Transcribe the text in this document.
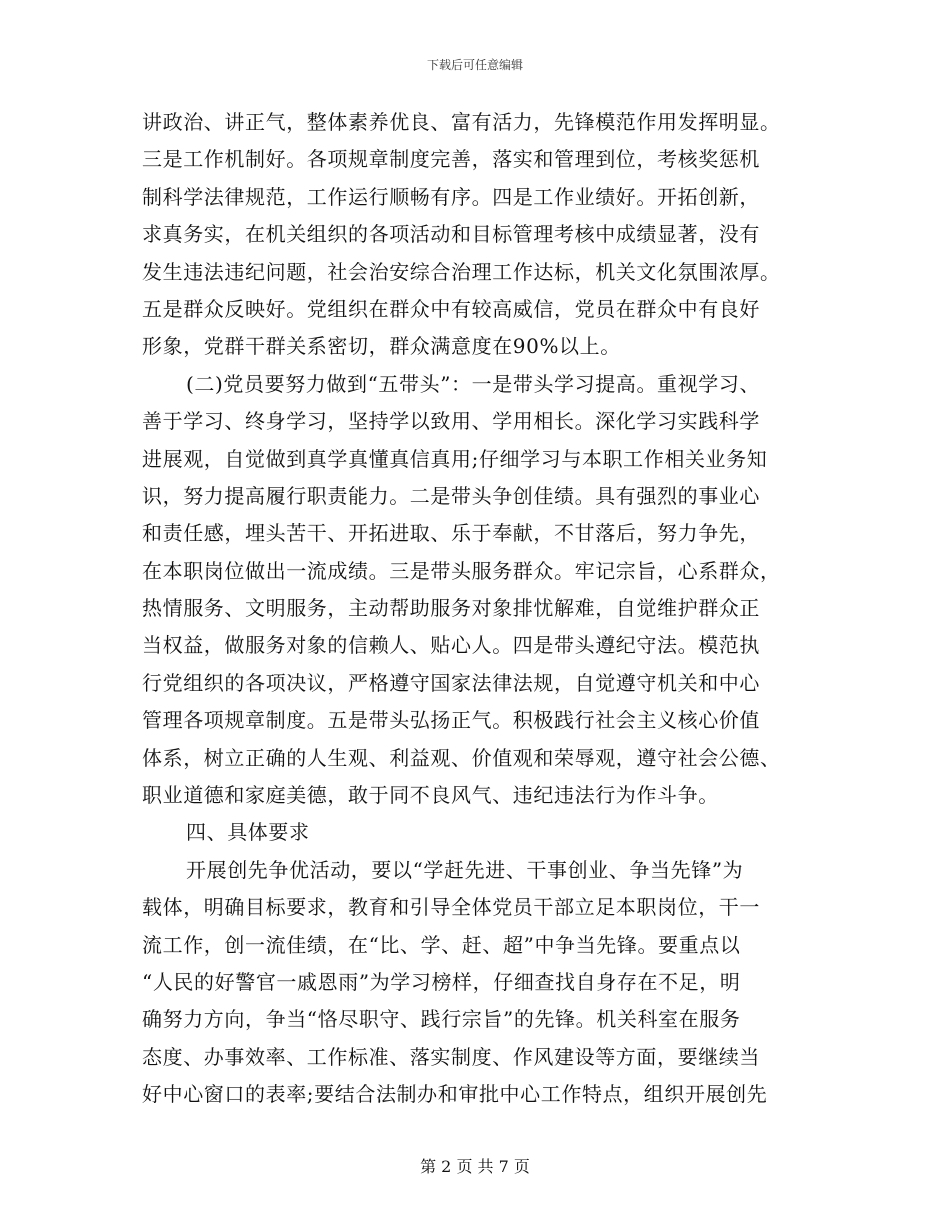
下载后可任意编辑
讲政治、讲正气，整体素养优良、富有活力，先锋模范作用发挥明显。
三是工作机制好。各项规章制度完善，落实和管理到位，考核奖惩机
制科学法律规范，工作运行顺畅有序。四是工作业绩好。开拓创新，
求真务实，在机关组织的各项活动和目标管理考核中成绩显著，没有
发生违法违纪问题，社会治安综合治理工作达标，机关文化氛围浓厚。
五是群众反映好。党组织在群众中有较高威信，党员在群众中有良好
形象，党群干群关系密切，群众满意度在90%以上。
(二)党员要努力做到“五带头”：一是带头学习提高。重视学习、
善于学习、终身学习，坚持学以致用、学用相长。深化学习实践科学
进展观，自觉做到真学真懂真信真用;仔细学习与本职工作相关业务知
识，努力提高履行职责能力。二是带头争创佳绩。具有强烈的事业心
和责任感，埋头苦干、开拓进取、乐于奉献，不甘落后，努力争先，
在本职岗位做出一流成绩。三是带头服务群众。牢记宗旨，心系群众，
热情服务、文明服务，主动帮助服务对象排忧解难，自觉维护群众正
当权益，做服务对象的信赖人、贴心人。四是带头遵纪守法。模范执
行党组织的各项决议，严格遵守国家法律法规，自觉遵守机关和中心
管理各项规章制度。五是带头弘扬正气。积极践行社会主义核心价值
体系，树立正确的人生观、利益观、价值观和荣辱观，遵守社会公德、
职业道德和家庭美德，敢于同不良风气、违纪违法行为作斗争。
四、具体要求
开展创先争优活动，要以“学赶先进、干事创业、争当先锋”为
载体，明确目标要求，教育和引导全体党员干部立足本职岗位，干一
流工作，创一流佳绩，在“比、学、赶、超”中争当先锋。要重点以
“人民的好警官一戚恩雨”为学习榜样，仔细查找自身存在不足，明
确努力方向，争当“恪尽职守、践行宗旨”的先锋。机关科室在服务
态度、办事效率、工作标准、落实制度、作风建设等方面，要继续当
好中心窗口的表率;要结合法制办和审批中心工作特点，组织开展创先
第 2 页 共 7 页
